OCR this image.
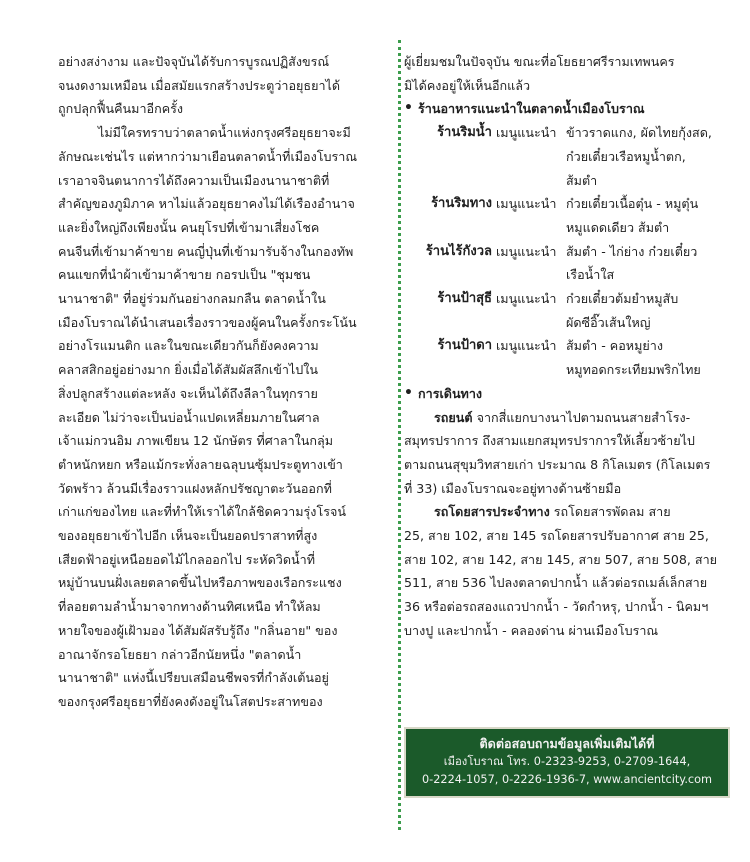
อย่างสง่างาม และปัจจุบันได้รับการบูรณปฏิสังขรณ์
จนงดงามเหมือน เมื่อสมัยแรกสร้างประตูว่าอยุธยาได้
ถูกปลุกฟื้นคืนมาอีกครั้ง

ไม่มีใครทราบว่าตลาดน้ำแห่งกรุงศรีอยุธยาจะมี
ลักษณะเช่นไร แต่หากว่ามาเยือนตลาดน้ำที่เมืองโบราณ
เราอาจจินตนาการได้ถึงความเป็นเมืองนานาชาติที่
สำคัญของภูมิภาค หาไม่แล้วอยุธยาคงไม่ได้เรืองอำนาจ
และยิ่งใหญ่ถึงเพียงนั้น คนยุโรปที่เข้ามาเสี่ยงโชค
คนจีนที่เข้ามาค้าขาย คนญี่ปุ่นที่เข้ามารับจ้างในกองทัพ
คนแขกที่นำผ้าเข้ามาค้าขาย กอรปเป็น "ชุมชน
นานาชาติ" ที่อยู่ร่วมกันอย่างกลมกลืน ตลาดน้ำใน
เมืองโบราณได้นำเสนอเรื่องราวของผู้คนในครั้งกระโน้น
อย่างโรแมนติก และในขณะเดียวกันก็ยังคงความ
คลาสสิกอยู่อย่างมาก ยิ่งเมื่อได้สัมผัสลึกเข้าไปใน
สิ่งปลูกสร้างแต่ละหลัง จะเห็นได้ถึงลีลาในทุกราย
ละเอียด ไม่ว่าจะเป็นบ่อน้ำแปดเหลี่ยมภายในศาล
เจ้าแม่กวนอิม ภาพเขียน 12 นักษัตร ที่ศาลาในกลุ่ม
ตำหนักหยก หรือแม้กระทั่งลายฉลุบนซุ้มประตูทางเข้า
วัดพร้าว ล้วนมีเรื่องราวแฝงหลักปรัชญาตะวันออกที่
เก่าแก่ของไทย และที่ทำให้เราได้ใกล้ชิดความรุ่งโรจน์
ของอยุธยาเข้าไปอีก เห็นจะเป็นยอดปราสาทที่สูง
เสียดฟ้าอยู่เหนือยอดไม้ไกลออกไป ระหัดวิดน้ำที่
หมู่บ้านบนฝั่งเลยตลาดขึ้นไปหรือภาพของเรือกระแชง
ที่ลอยตามลำน้ำมาจากทางด้านทิศเหนือ ทำให้ลม
หายใจของผู้เฝ้ามอง ได้สัมผัสรับรู้ถึง "กลิ่นอาย" ของ
อาณาจักรอโยธยา กล่าวอีกนัยหนึ่ง "ตลาดน้ำ
นานาชาติ" แห่งนี้เปรียบเสมือนชีพจรที่กำลังเต้นอยู่
ของกรุงศรีอยุธยาที่ยังคงดังอยู่ในโสตประสาทของ

ผู้เยี่ยมชมในปัจจุบัน ขณะที่อโยธยาศรีรามเทพนคร
มิได้คงอยู่ให้เห็นอีกแล้ว
• ร้านอาหารแนะนำในตลาดน้ำเมืองโบราณ
ร้านริมน้ำ เมนูแนะนำ ข้าวราดแกง, ผัดไทยกุ้งสด,
ก๋วยเตี๋ยวเรือหมูน้ำตก,
ส้มตำ
ร้านริมทาง เมนูแนะนำ ก๋วยเตี๋ยวเนื้อตุ๋น - หมูตุ๋น
หมูแดดเดียว ส้มตำ
ร้านไร้กังวล เมนูแนะนำ ส้มตำ - ไก่ย่าง ก๋วยเตี๋ยว
เรือน้ำใส
ร้านป้าสุธี เมนูแนะนำ ก๋วยเตี๋ยวต้มยำหมูสับ
ผัดซีอิ๊วเส้นใหญ่
ร้านป้าดา เมนูแนะนำ ส้มตำ - คอหมูย่าง
หมูทอดกระเทียมพริกไทย
• การเดินทาง
รถยนต์ จากสี่แยกบางนาไปตามถนนสายสำโรง-
สมุทรปราการ ถึงสามแยกสมุทรปราการให้เลี้ยวซ้ายไป
ตามถนนสุขุมวิทสายเก่า ประมาณ 8 กิโลเมตร (กิโลเมตร
ที่ 33) เมืองโบราณจะอยู่ทางด้านซ้ายมือ
รถโดยสารประจำทาง รถโดยสารพัดลม สาย
25, สาย 102, สาย 145 รถโดยสารปรับอากาศ สาย 25,
สาย 102, สาย 142, สาย 145, สาย 507, สาย 508, สาย
511, สาย 536 ไปลงตลาดปากน้ำ แล้วต่อรถเมล์เล็กสาย
36 หรือต่อรถสองแถวปากน้ำ - วัดกำหรุ, ปากน้ำ - นิคมฯ
บางปู และปากน้ำ - คลองด่าน ผ่านเมืองโบราณ
ติดต่อสอบถามข้อมูลเพิ่มเติมได้ที่
เมืองโบราณ โทร. 0-2323-9253, 0-2709-1644,
0-2224-1057, 0-2226-1936-7, www.ancientcity.com
